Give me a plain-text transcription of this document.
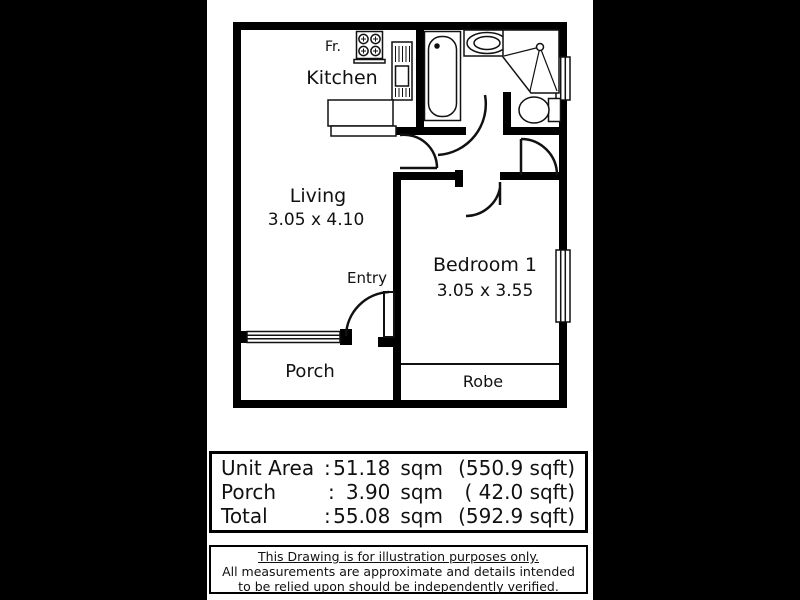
Fr.
Kitchen
Living
3.05 x 4.10
Entry
Bedroom 1
3.05 x 3.55
Robe
Porch
Unit Area : 51.18 sqm (550.9 sqft)
Porch	: 3.90 sqm	( 42.0 sqft)
Total	: 55.08 sqm (592.9 sqft)
This Drawing is for illustration purposes only.
All measurements are approximate and details intended
to be relied upon should be independently verified.
